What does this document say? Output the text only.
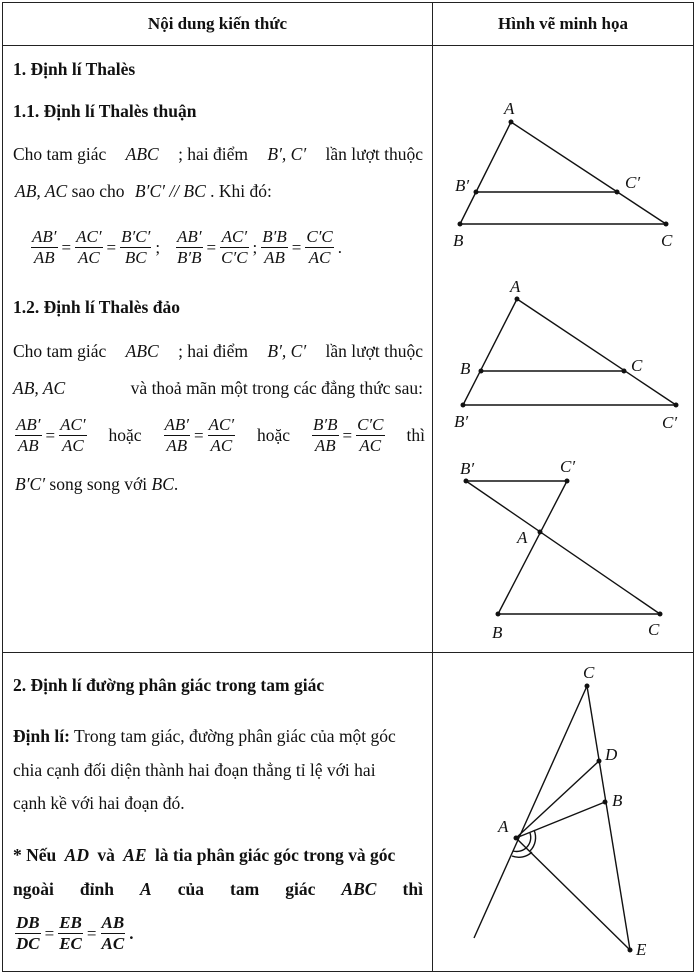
Nội dung kiến thức	Hình vẽ minh họa
1. Định lí Thalès
1.1. Định lí Thalès thuận
Cho tam giác ABC ; hai điểm B′, C′ lần lượt thuộc
AB, AC sao cho B′C′ // BC . Khi đó:
$\frac{AB'}{AB} = \frac{AC'}{AC} = \frac{B'C'}{BC}$ ; $\frac{AB'}{B'B} = \frac{AC'}{C'C}$ ; $\frac{B'B}{AB} = \frac{C'C}{AC}$ .
1.2. Định lí Thalès đảo
Cho tam giác ABC ; hai điểm B′, C′ lần lượt thuộc
AB, AC	và thoả mãn một trong các đẳng thức sau:
$\frac{AB'}{AB} = \frac{AC'}{AC}$ hoặc $\frac{AB'}{AB} = \frac{AC'}{AC}$ hoặc $\frac{B'B}{AB} = \frac{C'C}{AC}$ thì
B′C′ song song với BC.
2. Định lí đường phân giác trong tam giác
Định lí: Trong tam giác, đường phân giác của một góc
chia cạnh đối diện thành hai đoạn thẳng tỉ lệ với hai
cạnh kề với hai đoạn đó.
* Nếu AD và AE là tia phân giác góc trong và góc
ngoài đỉnh A của tam giác ABC thì
$\frac{DB}{DC} = \frac{EB}{EC} = \frac{AB}{AC}$ .
A
B	C
B′	C′
A
B	C
B′	C′
B′	C′
A
B	C
C
D
B
A
E
